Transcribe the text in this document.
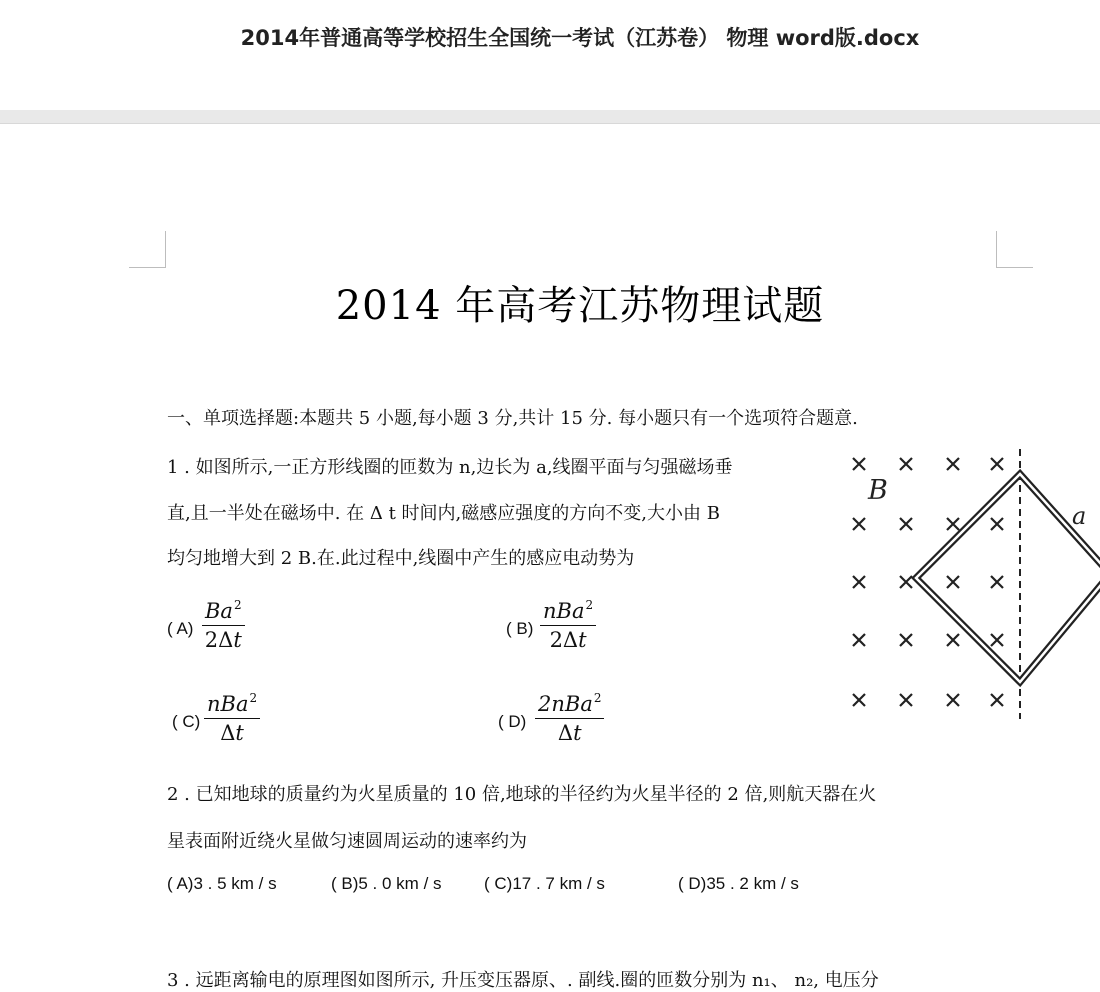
2014年普通高等学校招生全国统一考试（江苏卷） 物理 word版.docx
2014 年高考江苏物理试题
一、单项选择题:本题共 5 小题,每小题 3 分,共计 15 分. 每小题只有一个选项符合题意.
1 . 如图所示,一正方形线圈的匝数为 n,边长为 a,线圈平面与匀强磁场垂
直,且一半处在磁场中. 在 Δ t 时间内,磁感应强度的方向不变,大小由 B
均匀地增大到 2 B.在.此过程中,线圈中产生的感应电动势为
( $A) \frac{Ba^2}{2\Delta t}$	( B)
nBa$^2$
2Δt
( C)
nBa$^2$
Δt	( D)
2nBa$^2$
Δt
B
a
2 . 已知地球的质量约为火星质量的 10 倍,地球的半径约为火星半径的 2 倍,则航天器在火
星表面附近绕火星做匀速圆周运动的速率约为
( A)3 . 5 km / s	( B)5 . 0 km / s ( C)17 . 7 km / s	( D)35 . 2 km / s
3 . 远距离输电的原理图如图所示, 升压变压器原、. 副线.圈的匝数分别为 n₁、 n₂, 电压分
